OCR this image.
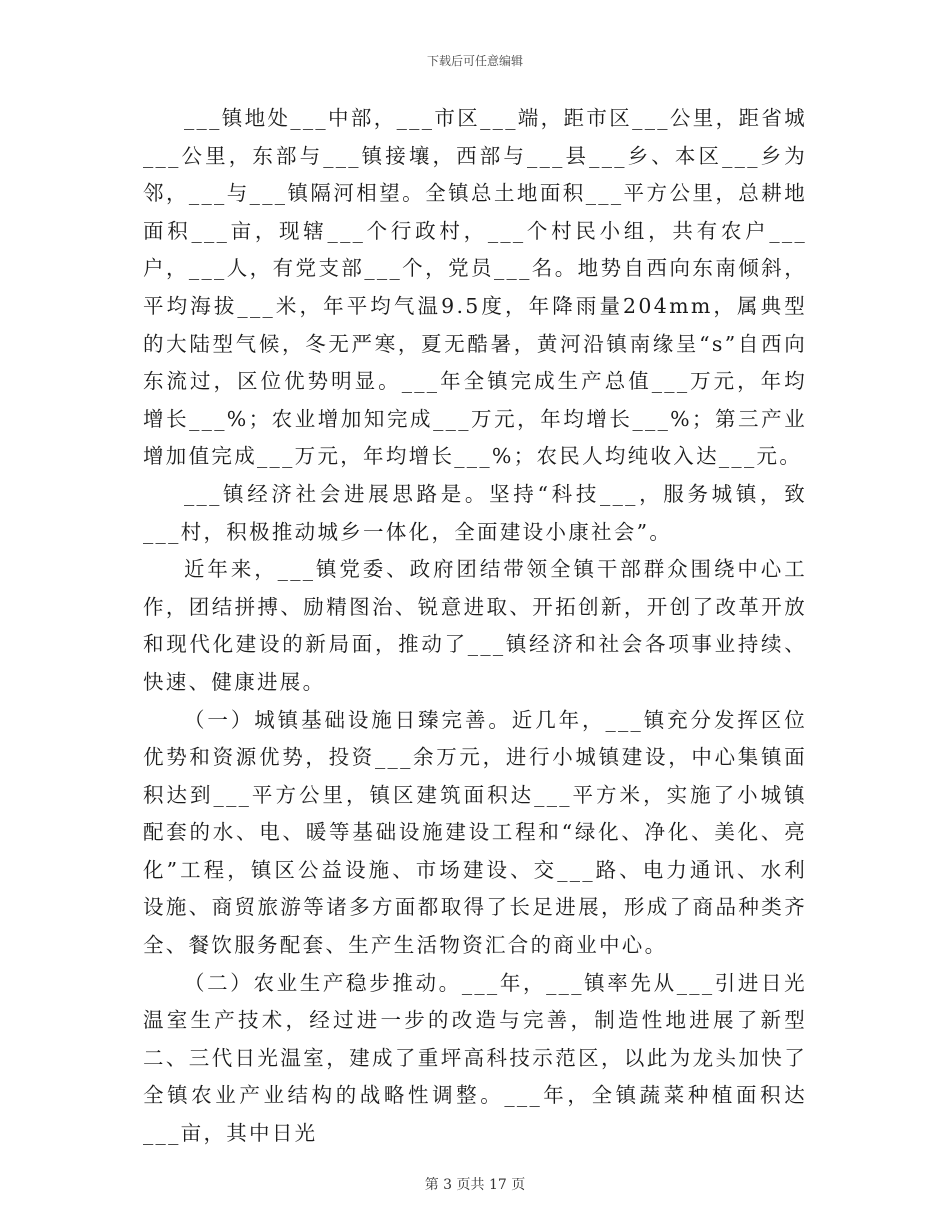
下载后可任意编辑

___镇地处___中部，___市区___端，距市区___公里，距省城___公里，东部与___镇接壤，西部与___县___乡、本区___乡为邻，___与___镇隔河相望。全镇总土地面积___平方公里，总耕地面积___亩，现辖___个行政村，___个村民小组，共有农户___户，___人，有党支部___个，党员___名。地势自西向东南倾斜，平均海拔___米，年平均气温9.5度，年降雨量204mm，属典型的大陆型气候，冬无严寒，夏无酷暑，黄河沿镇南缘呈“s”自西向东流过，区位优势明显。___年全镇完成生产总值___万元，年均增长___%；农业增加知完成___万元，年均增长___%；第三产业增加值完成___万元，年均增长___%；农民人均纯收入达___元。

___镇经济社会进展思路是。坚持“科技___，服务城镇，致___村，积极推动城乡一体化，全面建设小康社会”。

近年来，___镇党委、政府团结带领全镇干部群众围绕中心工作，团结拼搏、励精图治、锐意进取、开拓创新，开创了改革开放和现代化建设的新局面，推动了___镇经济和社会各项事业持续、快速、健康进展。

（一）城镇基础设施日臻完善。近几年，___镇充分发挥区位优势和资源优势，投资___余万元，进行小城镇建设，中心集镇面积达到___平方公里，镇区建筑面积达___平方米，实施了小城镇配套的水、电、暖等基础设施建设工程和“绿化、净化、美化、亮化”工程，镇区公益设施、市场建设、交___路、电力通讯、水利设施、商贸旅游等诸多方面都取得了长足进展，形成了商品种类齐全、餐饮服务配套、生产生活物资汇合的商业中心。

（二）农业生产稳步推动。___年，___镇率先从___引进日光温室生产技术，经过进一步的改造与完善，制造性地进展了新型二、三代日光温室，建成了重坪高科技示范区，以此为龙头加快了全镇农业产业结构的战略性调整。___年，全镇蔬菜种植面积达___亩，其中日光

第 3 页共 17 页
